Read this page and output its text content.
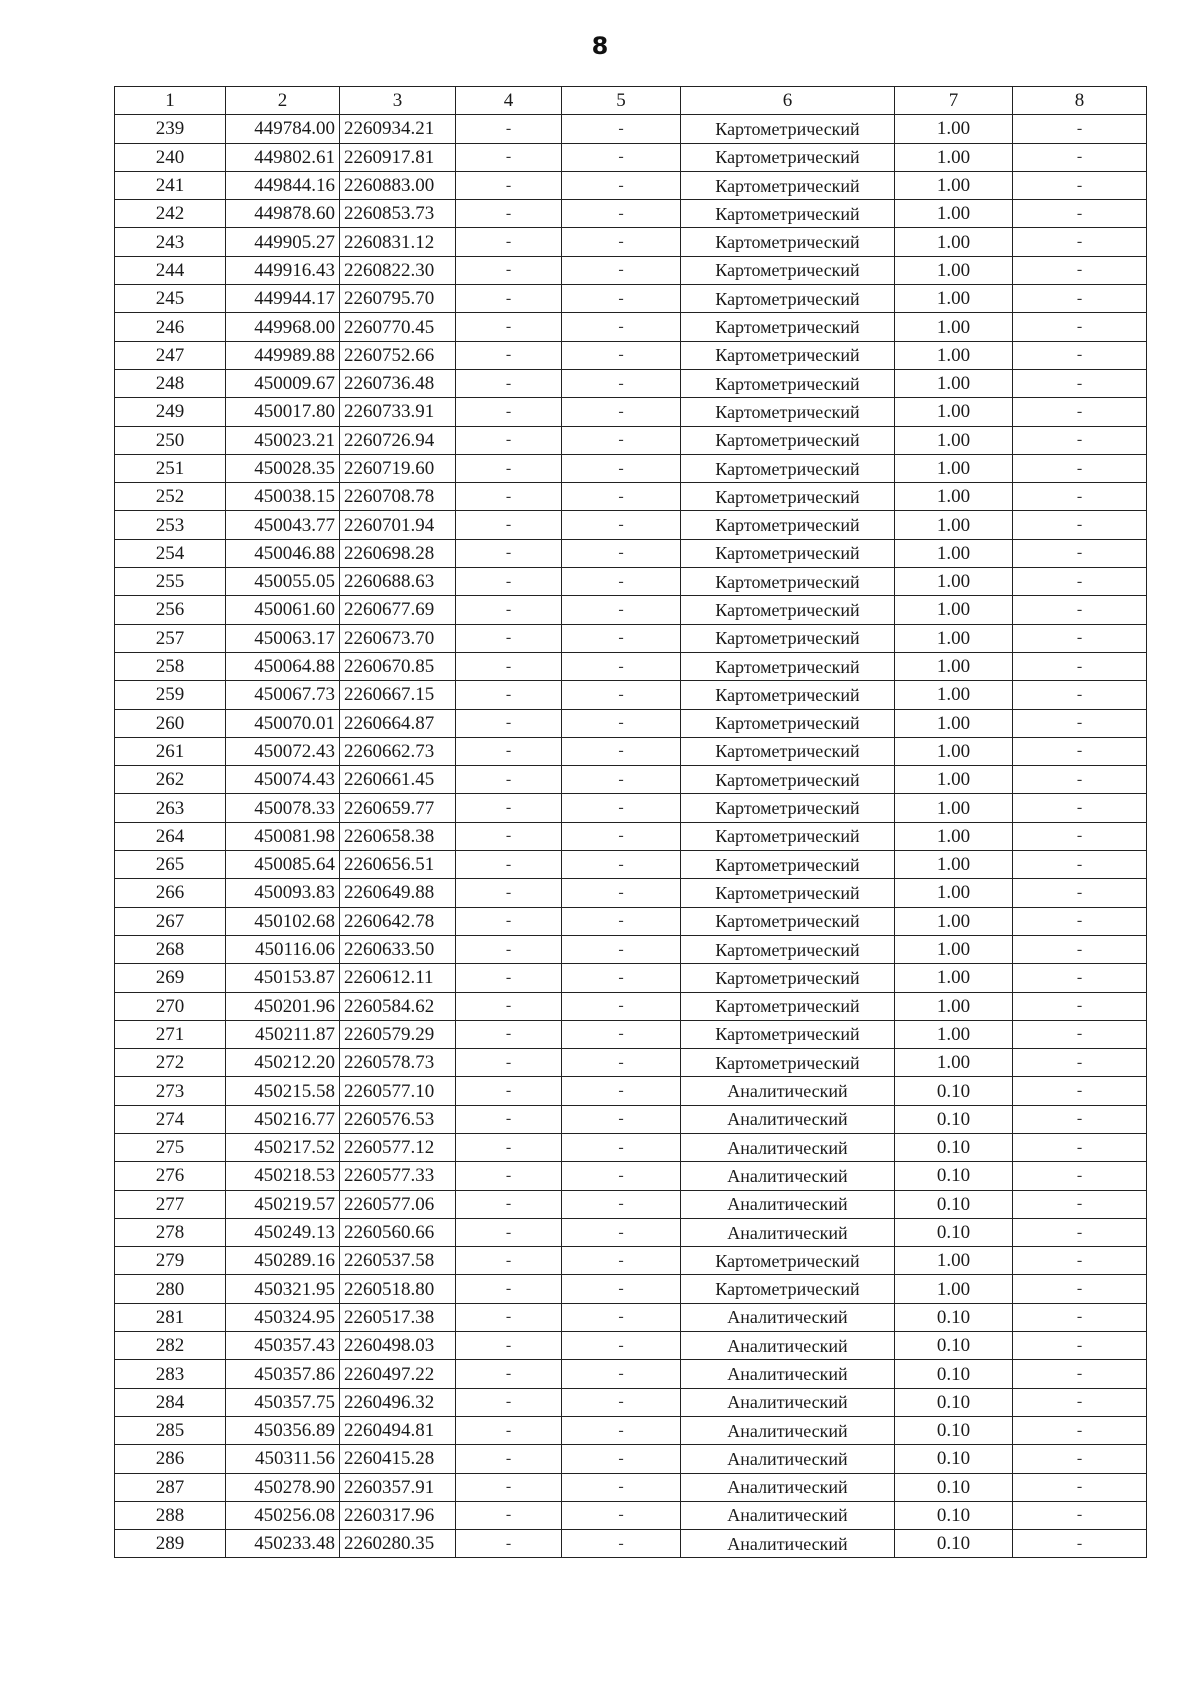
8
1	2	3	4	5	6	7	8
239	449784.00	2260934.21	-	-	Картометрический	1.00	-
240	449802.61	2260917.81	-	-	Картометрический	1.00	-
241	449844.16	2260883.00	-	-	Картометрический	1.00	-
242	449878.60	2260853.73	-	-	Картометрический	1.00	-
243	449905.27	2260831.12	-	-	Картометрический	1.00	-
244	449916.43	2260822.30	-	-	Картометрический	1.00	-
245	449944.17	2260795.70	-	-	Картометрический	1.00	-
246	449968.00	2260770.45	-	-	Картометрический	1.00	-
247	449989.88	2260752.66	-	-	Картометрический	1.00	-
248	450009.67	2260736.48	-	-	Картометрический	1.00	-
249	450017.80	2260733.91	-	-	Картометрический	1.00	-
250	450023.21	2260726.94	-	-	Картометрический	1.00	-
251	450028.35	2260719.60	-	-	Картометрический	1.00	-
252	450038.15	2260708.78	-	-	Картометрический	1.00	-
253	450043.77	2260701.94	-	-	Картометрический	1.00	-
254	450046.88	2260698.28	-	-	Картометрический	1.00	-
255	450055.05	2260688.63	-	-	Картометрический	1.00	-
256	450061.60	2260677.69	-	-	Картометрический	1.00	-
257	450063.17	2260673.70	-	-	Картометрический	1.00	-
258	450064.88	2260670.85	-	-	Картометрический	1.00	-
259	450067.73	2260667.15	-	-	Картометрический	1.00	-
260	450070.01	2260664.87	-	-	Картометрический	1.00	-
261	450072.43	2260662.73	-	-	Картометрический	1.00	-
262	450074.43	2260661.45	-	-	Картометрический	1.00	-
263	450078.33	2260659.77	-	-	Картометрический	1.00	-
264	450081.98	2260658.38	-	-	Картометрический	1.00	-
265	450085.64	2260656.51	-	-	Картометрический	1.00	-
266	450093.83	2260649.88	-	-	Картометрический	1.00	-
267	450102.68	2260642.78	-	-	Картометрический	1.00	-
268	450116.06	2260633.50	-	-	Картометрический	1.00	-
269	450153.87	2260612.11	-	-	Картометрический	1.00	-
270	450201.96	2260584.62	-	-	Картометрический	1.00	-
271	450211.87	2260579.29	-	-	Картометрический	1.00	-
272	450212.20	2260578.73	-	-	Картометрический	1.00	-
273	450215.58	2260577.10	-	-	Аналитический	0.10	-
274	450216.77	2260576.53	-	-	Аналитический	0.10	-
275	450217.52	2260577.12	-	-	Аналитический	0.10	-
276	450218.53	2260577.33	-	-	Аналитический	0.10	-
277	450219.57	2260577.06	-	-	Аналитический	0.10	-
278	450249.13	2260560.66	-	-	Аналитический	0.10	-
279	450289.16	2260537.58	-	-	Картометрический	1.00	-
280	450321.95	2260518.80	-	-	Картометрический	1.00	-
281	450324.95	2260517.38	-	-	Аналитический	0.10	-
282	450357.43	2260498.03	-	-	Аналитический	0.10	-
283	450357.86	2260497.22	-	-	Аналитический	0.10	-
284	450357.75	2260496.32	-	-	Аналитический	0.10	-
285	450356.89	2260494.81	-	-	Аналитический	0.10	-
286	450311.56	2260415.28	-	-	Аналитический	0.10	-
287	450278.90	2260357.91	-	-	Аналитический	0.10	-
288	450256.08	2260317.96	-	-	Аналитический	0.10	-
289	450233.48	2260280.35	-	-	Аналитический	0.10	-
